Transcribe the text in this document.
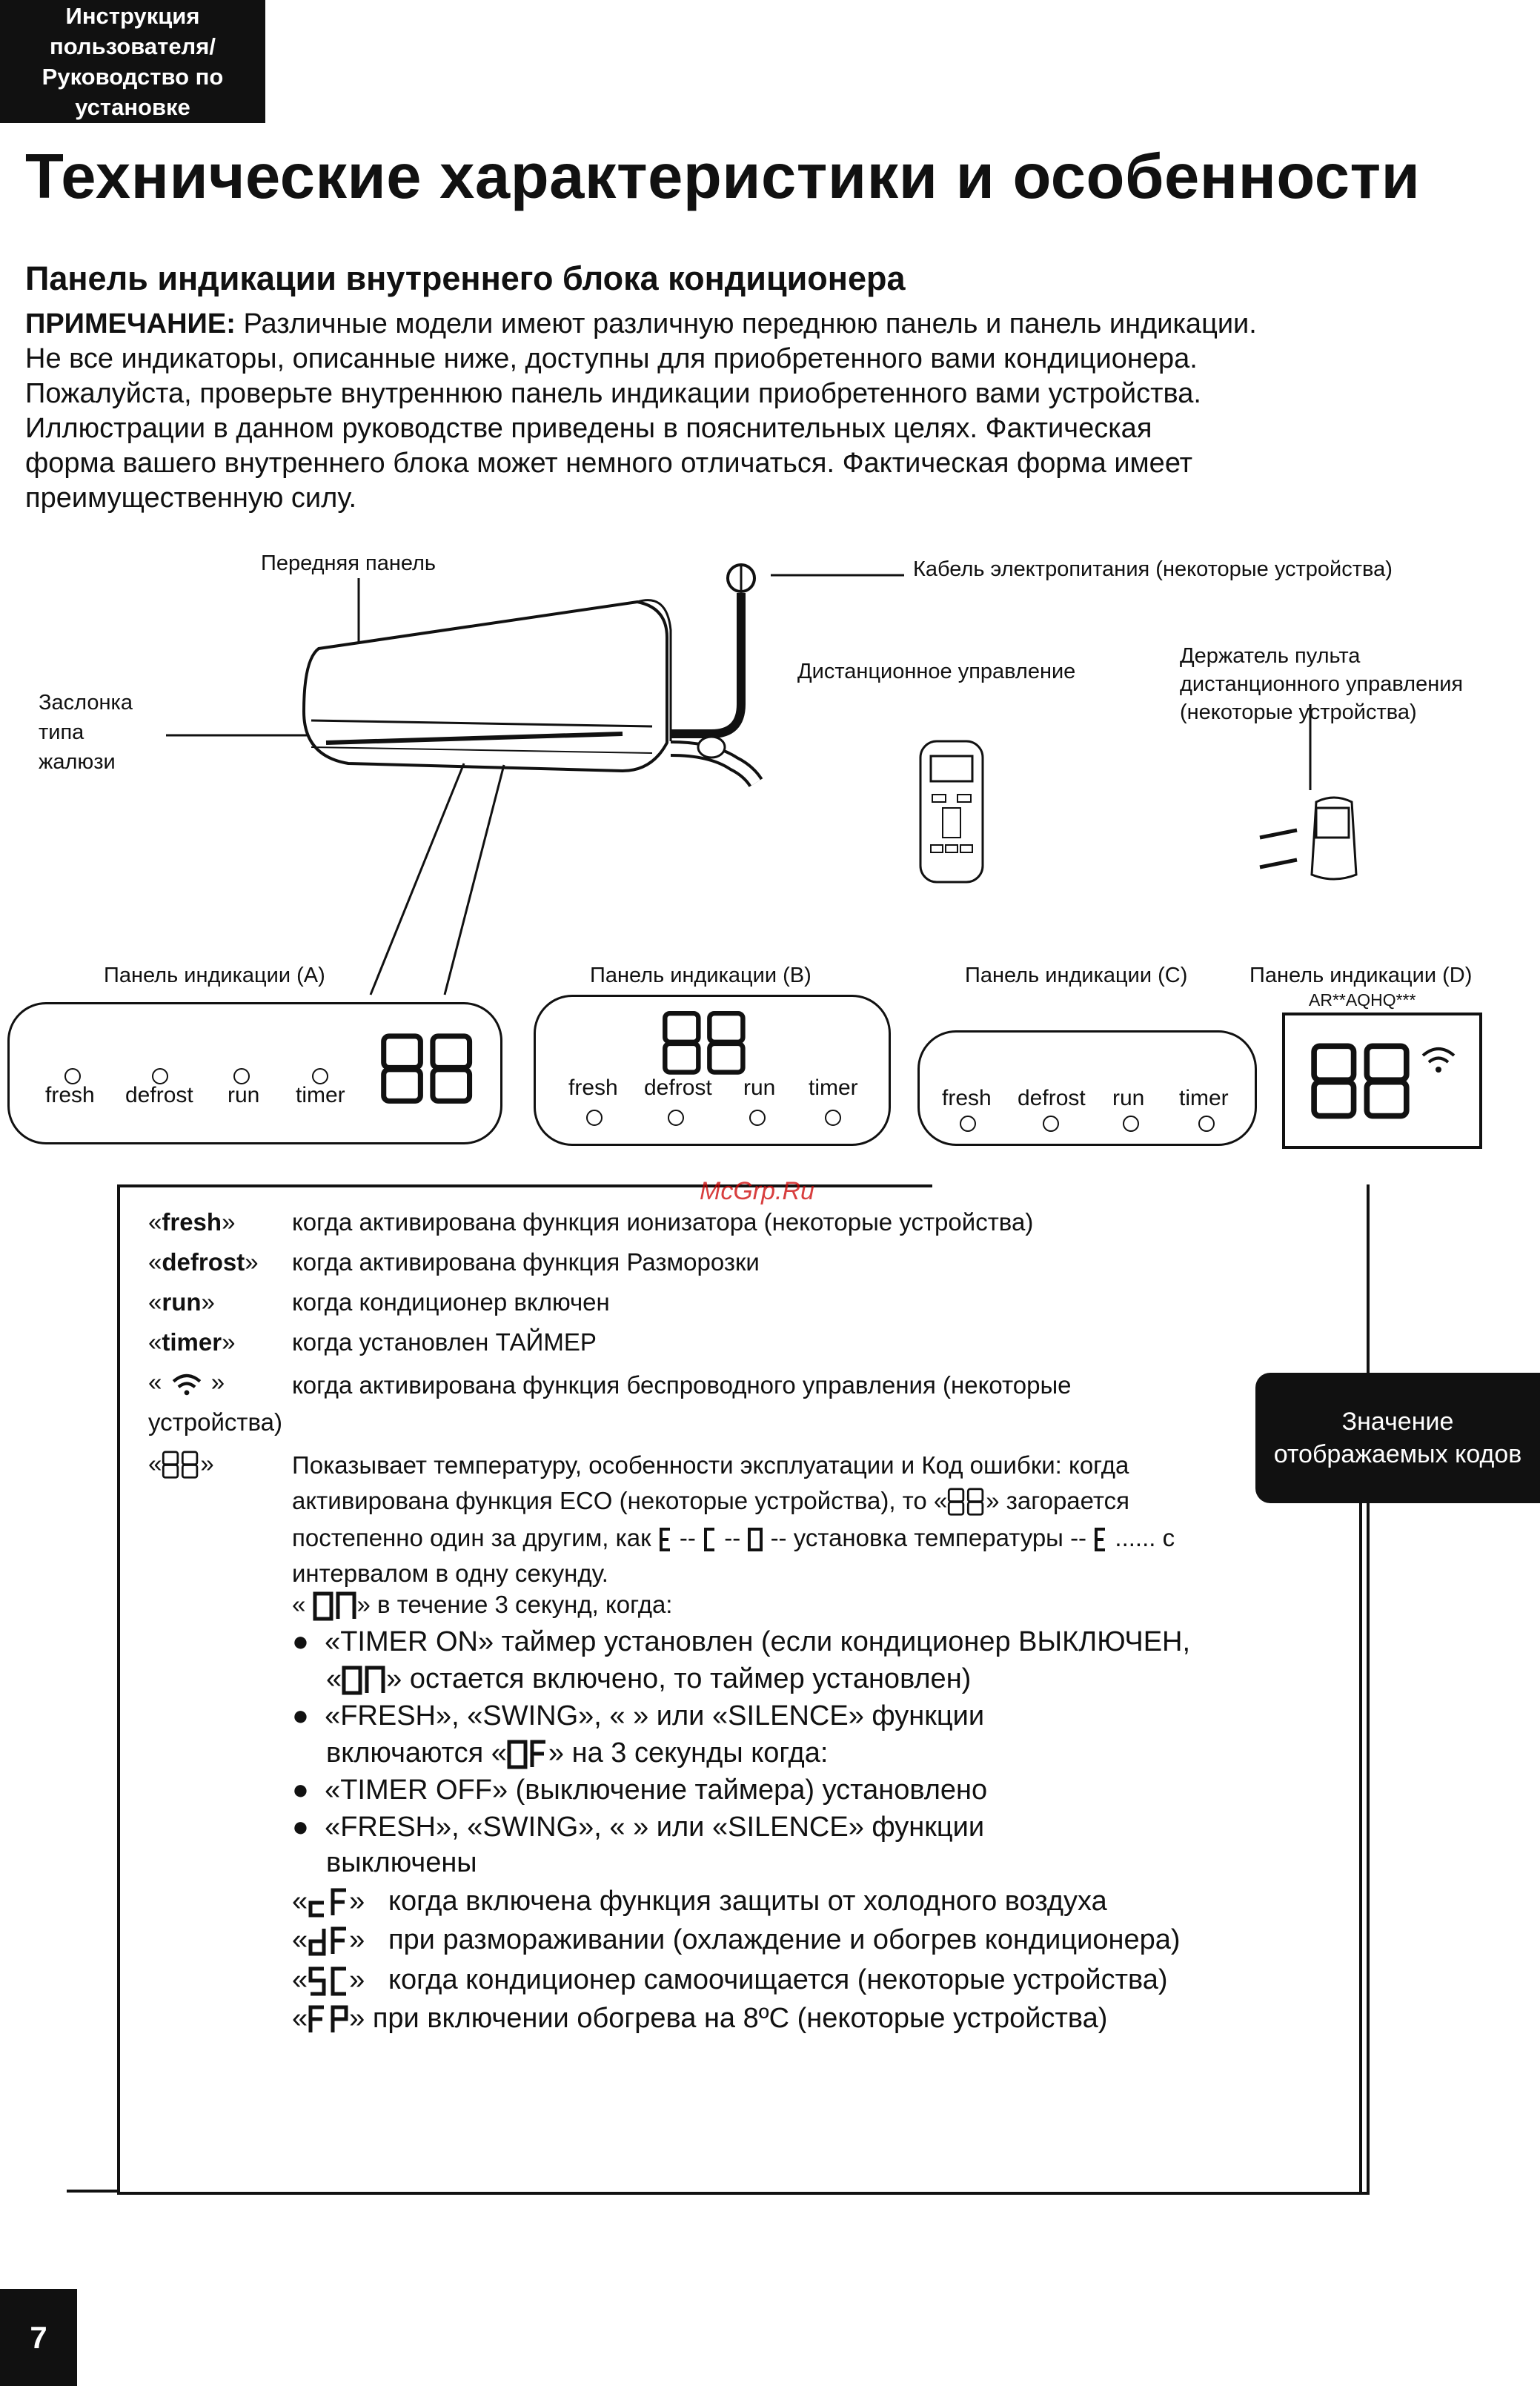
Инструкция
пользователя/
Руководство по
установке
Технические характеристики и особенности
Панель индикации внутреннего блока кондиционера
ПРИМЕЧАНИЕ: Различные модели имеют различную переднюю панель и панель индикации.
Не все индикаторы, описанные ниже, доступны для приобретенного вами кондиционера.
Пожалуйста, проверьте внутреннюю панель индикации приобретенного вами устройства.
Иллюстрации в данном руководстве приведены в пояснительных целях. Фактическая
форма вашего внутреннего блока может немного отличаться. Фактическая форма имеет
преимущественную силу.
Передняя панель
Заслонка
типа
жалюзи
Кабель электропитания (некоторые устройства)
Дистанционное управление
Держатель пульта
дистанционного управления
(некоторые устройства)
Панель индикации (A)	Панель индикации (B)	Панель индикации (C)	Панель индикации (D)
AR**AQHQ***
fresh defrost run timer	fresh defrost run timer	fresh defrost run timer
McGrp.Ru
«fresh» когда активирована функция ионизатора (некоторые устройства)
«defrost» когда активирована функция Разморозки
«run»	когда кондиционер включен
«timer» когда установлен ТАЙМЕР
«  »	когда активирована функция беспроводного управления (некоторые
устройства)
« »	Показывает температуру, особенности эксплуатации и Код ошибки: когда
активирована функция ECO (некоторые устройства), то « » загорается
постепенно один за другим, как  --  --  -- установка температуры -- ...... с
интервалом в одну секунду.
« » в течение 3 секунд, когда:
●  «TIMER ON» таймер установлен (если кондиционер ВЫКЛЮЧЕН,
« » остается включено, то таймер установлен)
●  «FRESH», «SWING», « » или «SILENCE» функции
включаются « » на 3 секунды когда:
●  «TIMER OFF» (выключение таймера) установлено
●  «FRESH», «SWING», « » или «SILENCE» функции
выключены
« »   когда включена функция защиты от холодного воздуха
« »   при размораживании (охлаждение и обогрев кондиционера)
« »   когда кондиционер самоочищается (некоторые устройства)
« » при включении обогрева на 8ºС (некоторые устройства)
Значение
отображаемых кодов
7
